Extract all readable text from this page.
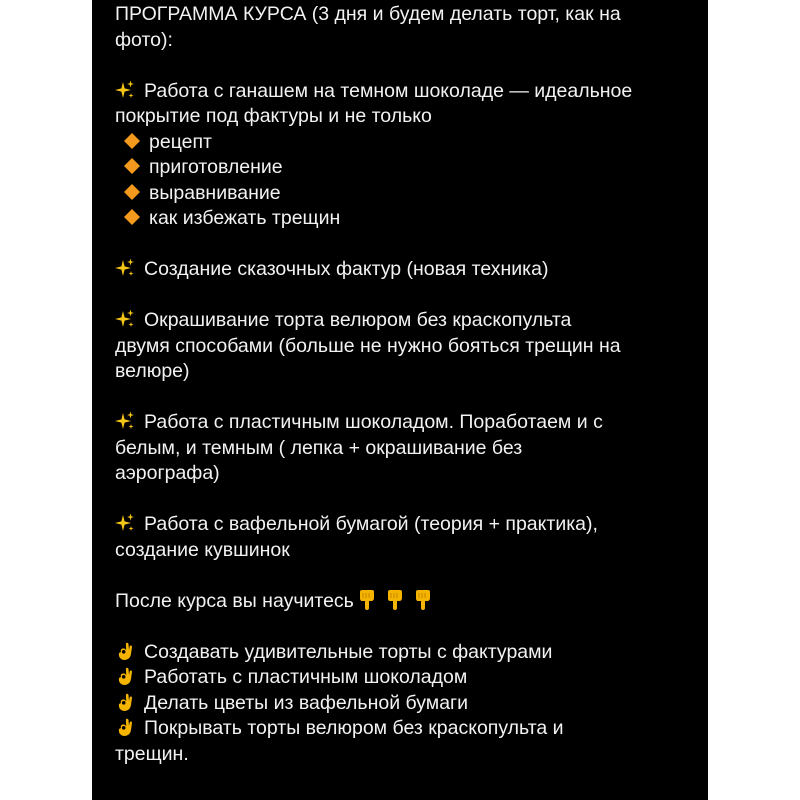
ПРОГРАММА КУРСА (3 дня и будем делать торт, как на
фото):
Работа с ганашем на темном шоколаде — идеальное
покрытие под фактуры и не только
рецепт
приготовление
выравнивание
как избежать трещин
Создание сказочных фактур (новая техника)
Окрашивание торта велюром без краскопульта
двумя способами (больше не нужно бояться трещин на
велюре)
Работа с пластичным шоколадом. Поработаем и с
белым, и темным ( лепка + окрашивание без
аэрографа)
Работа с вафельной бумагой (теория + практика),
создание кувшинок
После курса вы научитесь
Создавать удивительные торты с фактурами
Работать с пластичным шоколадом
Делать цветы из вафельной бумаги
Покрывать торты велюром без краскопульта и
трещин.
